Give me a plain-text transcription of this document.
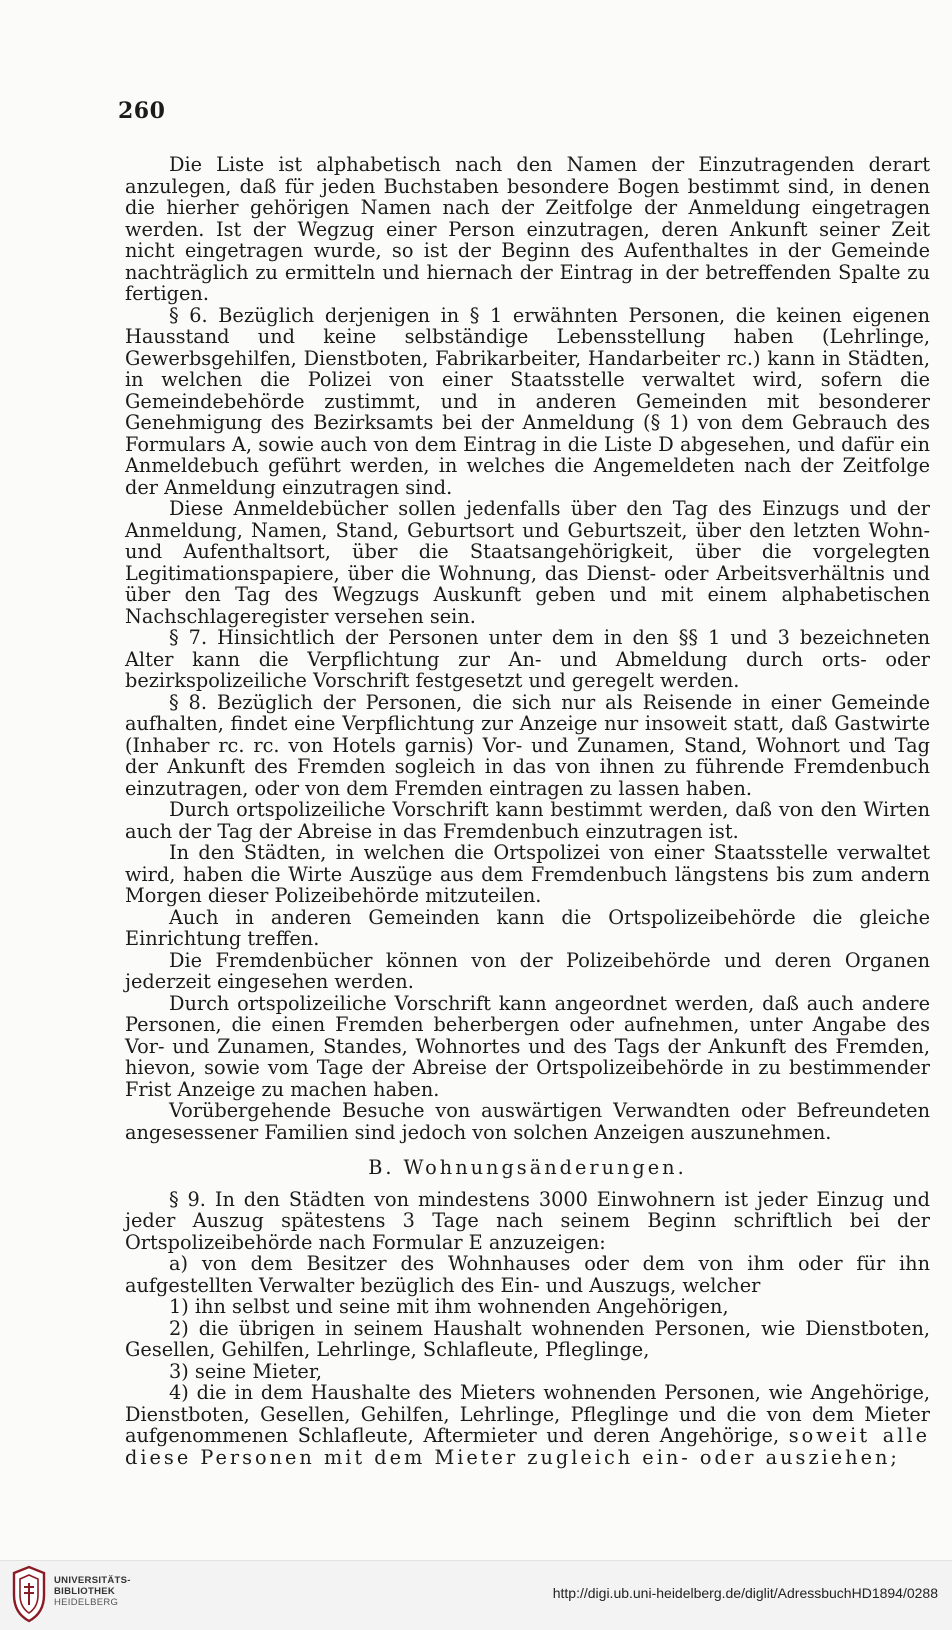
260

Die Liste ist alphabetisch nach den Namen der Einzutragenden derart anzulegen, daß für jeden Buchstaben besondere Bogen bestimmt sind, in denen die hierher gehörigen Namen nach der Zeitfolge der Anmeldung eingetragen werden. Ist der Wegzug einer Person einzutragen, deren Ankunft seiner Zeit nicht eingetragen wurde, so ist der Beginn des Aufenthaltes in der Gemeinde nachträglich zu ermitteln und hiernach der Eintrag in der betreffenden Spalte zu fertigen.

§ 6. Bezüglich derjenigen in § 1 erwähnten Personen, die keinen eigenen Hausstand und keine selbständige Lebensstellung haben (Lehrlinge, Gewerbsgehilfen, Dienstboten, Fabrikarbeiter, Handarbeiter rc.) kann in Städten, in welchen die Polizei von einer Staatsstelle verwaltet wird, sofern die Gemeindebehörde zustimmt, und in anderen Gemeinden mit besonderer Genehmigung des Bezirksamts bei der Anmeldung (§ 1) von dem Gebrauch des Formulars A, sowie auch von dem Eintrag in die Liste D abgesehen, und dafür ein Anmeldebuch geführt werden, in welches die Angemeldeten nach der Zeitfolge der Anmeldung einzutragen sind.

Diese Anmeldebücher sollen jedenfalls über den Tag des Einzugs und der Anmeldung, Namen, Stand, Geburtsort und Geburtszeit, über den letzten Wohn- und Aufenthaltsort, über die Staatsangehörigkeit, über die vorgelegten Legitimationspapiere, über die Wohnung, das Dienst- oder Arbeitsverhältnis und über den Tag des Wegzugs Auskunft geben und mit einem alphabetischen Nachschlageregister versehen sein.

§ 7. Hinsichtlich der Personen unter dem in den §§ 1 und 3 bezeichneten Alter kann die Verpflichtung zur An- und Abmeldung durch orts- oder bezirkspolizeiliche Vorschrift festgesetzt und geregelt werden.

§ 8. Bezüglich der Personen, die sich nur als Reisende in einer Gemeinde aufhalten, findet eine Verpflichtung zur Anzeige nur insoweit statt, daß Gastwirte (Inhaber rc. rc. von Hotels garnis) Vor- und Zunamen, Stand, Wohnort und Tag der Ankunft des Fremden sogleich in das von ihnen zu führende Fremdenbuch einzutragen, oder von dem Fremden eintragen zu lassen haben.

Durch ortspolizeiliche Vorschrift kann bestimmt werden, daß von den Wirten auch der Tag der Abreise in das Fremdenbuch einzutragen ist.

In den Städten, in welchen die Ortspolizei von einer Staatsstelle verwaltet wird, haben die Wirte Auszüge aus dem Fremdenbuch längstens bis zum andern Morgen dieser Polizeibehörde mitzuteilen.

Auch in anderen Gemeinden kann die Ortspolizeibehörde die gleiche Einrichtung treffen.

Die Fremdenbücher können von der Polizeibehörde und deren Organen jederzeit eingesehen werden.

Durch ortspolizeiliche Vorschrift kann angeordnet werden, daß auch andere Personen, die einen Fremden beherbergen oder aufnehmen, unter Angabe des Vor- und Zunamen, Standes, Wohnortes und des Tags der Ankunft des Fremden, hievon, sowie vom Tage der Abreise der Ortspolizeibehörde in zu bestimmender Frist Anzeige zu machen haben.

Vorübergehende Besuche von auswärtigen Verwandten oder Befreundeten angesessener Familien sind jedoch von solchen Anzeigen auszunehmen.

B. Wohnungsänderungen.

§ 9. In den Städten von mindestens 3000 Einwohnern ist jeder Einzug und jeder Auszug spätestens 3 Tage nach seinem Beginn schriftlich bei der Ortspolizeibehörde nach Formular E anzuzeigen:

a) von dem Besitzer des Wohnhauses oder dem von ihm oder für ihn aufgestellten Verwalter bezüglich des Ein- und Auszugs, welcher

1) ihn selbst und seine mit ihm wohnenden Angehörigen,

2) die übrigen in seinem Haushalt wohnenden Personen, wie Dienstboten, Gesellen, Gehilfen, Lehrlinge, Schlafleute, Pfleglinge,

3) seine Mieter,

4) die in dem Haushalte des Mieters wohnenden Personen, wie Angehörige, Dienstboten, Gesellen, Gehilfen, Lehrlinge, Pfleglinge und die von dem Mieter aufgenommenen Schlafleute, Aftermieter und deren Angehörige, soweit alle diese Personen mit dem Mieter zugleich ein- oder ausziehen;

UNIVERSITÄTS-
BIBLIOTHEK
HEIDELBERG
http://digi.ub.uni-heidelberg.de/diglit/AdressbuchHD1894/0288
